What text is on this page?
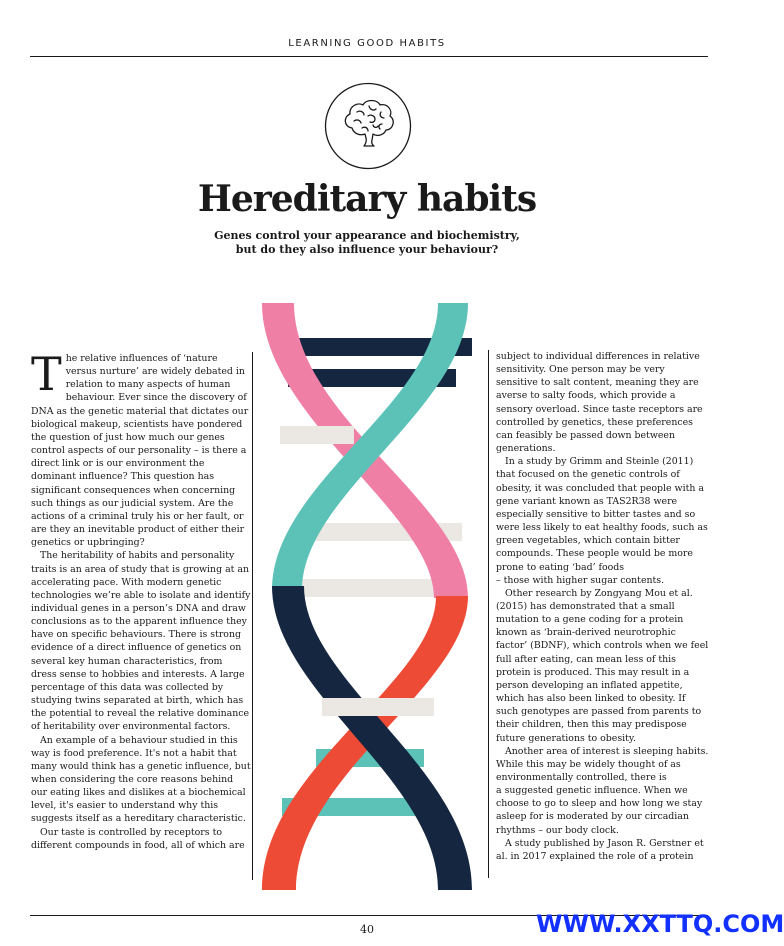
LEARNING GOOD HABITS
Hereditary habits
Genes control your appearance and biochemistry,
but do they also influence your behaviour?

The relative influences of ‘nature versus nurture’ are widely debated in relation to many aspects of human behaviour. Ever since the discovery of DNA as the genetic material that dictates our biological makeup, scientists have pondered the question of just how much our genes control aspects of our personality – is there a direct link or is our environment the dominant influence? This question has significant consequences when concerning such things as our judicial system. Are the actions of a criminal truly his or her fault, or are they an inevitable product of either their genetics or upbringing?

The heritability of habits and personality traits is an area of study that is growing at an accelerating pace. With modern genetic technologies we’re able to isolate and identify individual genes in a person’s DNA and draw conclusions as to the apparent influence they have on specific behaviours. There is strong evidence of a direct influence of genetics on several key human characteristics, from dress sense to hobbies and interests. A large percentage of this data was collected by studying twins separated at birth, which has the potential to reveal the relative dominance of heritability over environmental factors.

An example of a behaviour studied in this way is food preference. It's not a habit that many would think has a genetic influence, but when considering the core reasons behind our eating likes and dislikes at a biochemical level, it's easier to understand why this suggests itself as a hereditary characteristic.

Our taste is controlled by receptors to different compounds in food, all of which are

subject to individual differences in relative sensitivity. One person may be very sensitive to salt content, meaning they are averse to salty foods, which provide a sensory overload. Since taste receptors are controlled by genetics, these preferences can feasibly be passed down between generations.

In a study by Grimm and Steinle (2011) that focused on the genetic controls of obesity, it was concluded that people with a gene variant known as TAS2R38 were especially sensitive to bitter tastes and so were less likely to eat healthy foods, such as green vegetables, which contain bitter compounds. These people would be more prone to eating ‘bad’ foods

– those with higher sugar contents.

Other research by Zongyang Mou et al. (2015) has demonstrated that a small mutation to a gene coding for a protein known as ‘brain-derived neurotrophic factor’ (BDNF), which controls when we feel full after eating, can mean less of this protein is produced. This may result in a person developing an inflated appetite, which has also been linked to obesity. If such genotypes are passed from parents to their children, then this may predispose future generations to obesity.

Another area of interest is sleeping habits. While this may be widely thought of as environmentally controlled, there is

a suggested genetic influence. When we choose to go to sleep and how long we stay asleep for is moderated by our circadian rhythms – our body clock.

A study published by Jason R. Gerstner et al. in 2017 explained the role of a protein

40	WWW.XXTTQ.COM
